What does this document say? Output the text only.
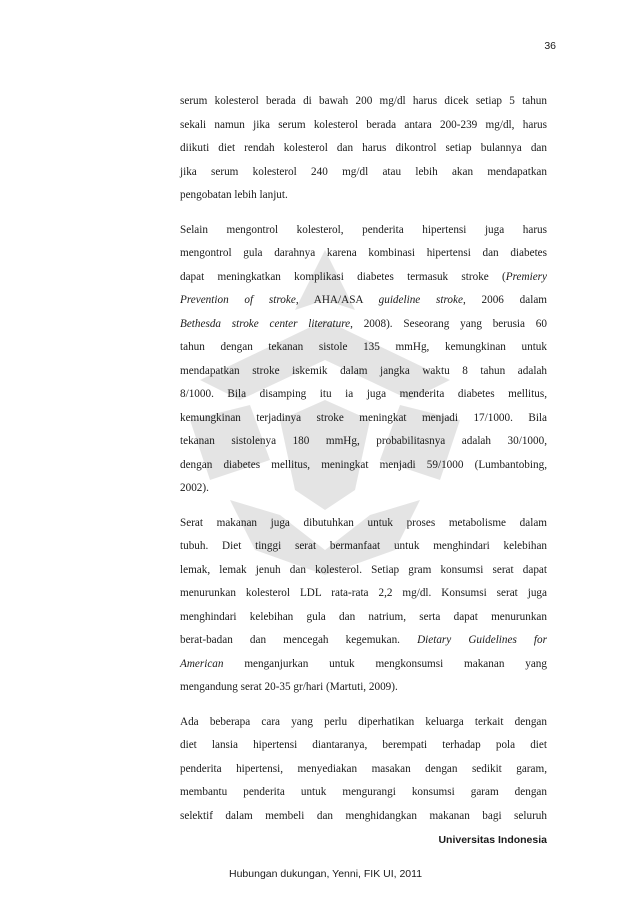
36
serum kolesterol berada di bawah 200 mg/dl harus dicek setiap 5 tahun
sekali namun jika serum kolesterol berada antara 200-239 mg/dl, harus
diikuti diet rendah kolesterol dan harus dikontrol setiap bulannya dan
jika serum kolesterol 240 mg/dl atau lebih akan mendapatkan
pengobatan lebih lanjut.
Selain mengontrol kolesterol, penderita hipertensi juga harus
mengontrol gula darahnya karena kombinasi hipertensi dan diabetes
dapat meningkatkan komplikasi diabetes termasuk stroke (Premiery
Prevention of stroke, AHA/ASA guideline stroke, 2006 dalam
Bethesda stroke center literature, 2008). Seseorang yang berusia 60
tahun dengan tekanan sistole 135 mmHg, kemungkinan untuk
mendapatkan stroke iskemik dalam jangka waktu 8 tahun adalah
8/1000. Bila disamping itu ia juga menderita diabetes mellitus,
kemungkinan terjadinya stroke meningkat menjadi 17/1000. Bila
tekanan sistolenya 180 mmHg, probabilitasnya adalah 30/1000,
dengan diabetes mellitus, meningkat menjadi 59/1000 (Lumbantobing,
2002).
Serat makanan juga dibutuhkan untuk proses metabolisme dalam
tubuh. Diet tinggi serat bermanfaat untuk menghindari kelebihan
lemak, lemak jenuh dan kolesterol. Setiap gram konsumsi serat dapat
menurunkan kolesterol LDL rata-rata 2,2 mg/dl. Konsumsi serat juga
menghindari kelebihan gula dan natrium, serta dapat menurunkan
berat-badan dan mencegah kegemukan. Dietary Guidelines for
American menganjurkan untuk mengkonsumsi makanan yang
mengandung serat 20-35 gr/hari (Martuti, 2009).
Ada beberapa cara yang perlu diperhatikan keluarga terkait dengan
diet lansia hipertensi diantaranya, berempati terhadap pola diet
penderita hipertensi, menyediakan masakan dengan sedikit garam,
membantu penderita untuk mengurangi konsumsi garam dengan
selektif dalam membeli dan menghidangkan makanan bagi seluruh
Universitas Indonesia
Hubungan dukungan, Yenni, FIK UI, 2011
